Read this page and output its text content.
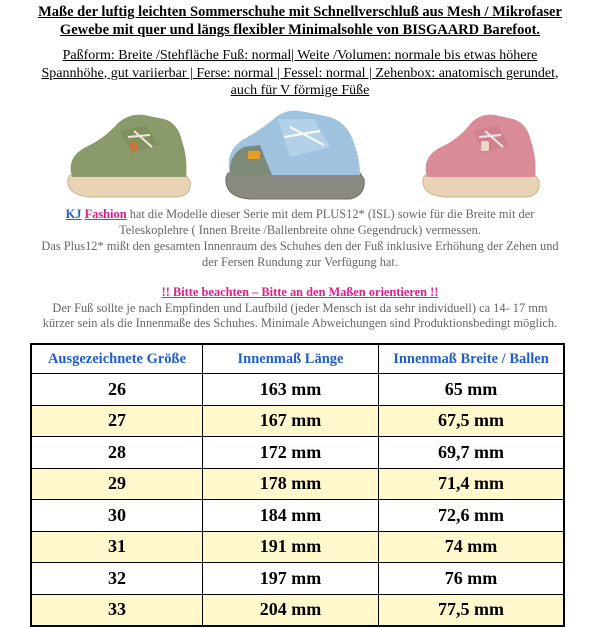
Maße der luftig leichten Sommerschuhe mit Schnellverschluß aus Mesh / Mikrofaser
Gewebe mit quer und längs flexibler Minimalsohle von BISGAARD Barefoot.
Paßform: Breite /Stehfläche Fuß: normal| Weite /Volumen: normale bis etwas höhere
Spannhöhe, gut variierbar | Ferse: normal | Fessel: normal | Zehenbox: anatomisch gerundet,
auch für V förmige Füße
KJ Fashion hat die Modelle dieser Serie mit dem PLUS12* (ISL) sowie für die Breite mit der
Teleskoplehre ( Innen Breite /Ballenbreite ohne Gegendruck) vermessen.
Das Plus12* mißt den gesamten Innenraum des Schuhes den der Fuß inklusive Erhöhung der Zehen und
der Fersen Rundung zur Verfügung hat.
!! Bitte beachten – Bitte an den Maßen orientieren !!
Der Fuß sollte je nach Empfinden und Laufbild (jeder Mensch ist da sehr individuell) ca 14- 17 mm
kürzer sein als die Innenmaße des Schuhes. Minimale Abweichungen sind Produktionsbedingt möglich.
Ausgezeichnete Größe	Innenmaß Länge	Innenmaß Breite / Ballen
26	163 mm	65 mm
27	167 mm	67,5 mm
28	172 mm	69,7 mm
29	178 mm	71,4 mm
30	184 mm	72,6 mm
31	191 mm	74 mm
32	197 mm	76 mm
33	204 mm	77,5 mm
